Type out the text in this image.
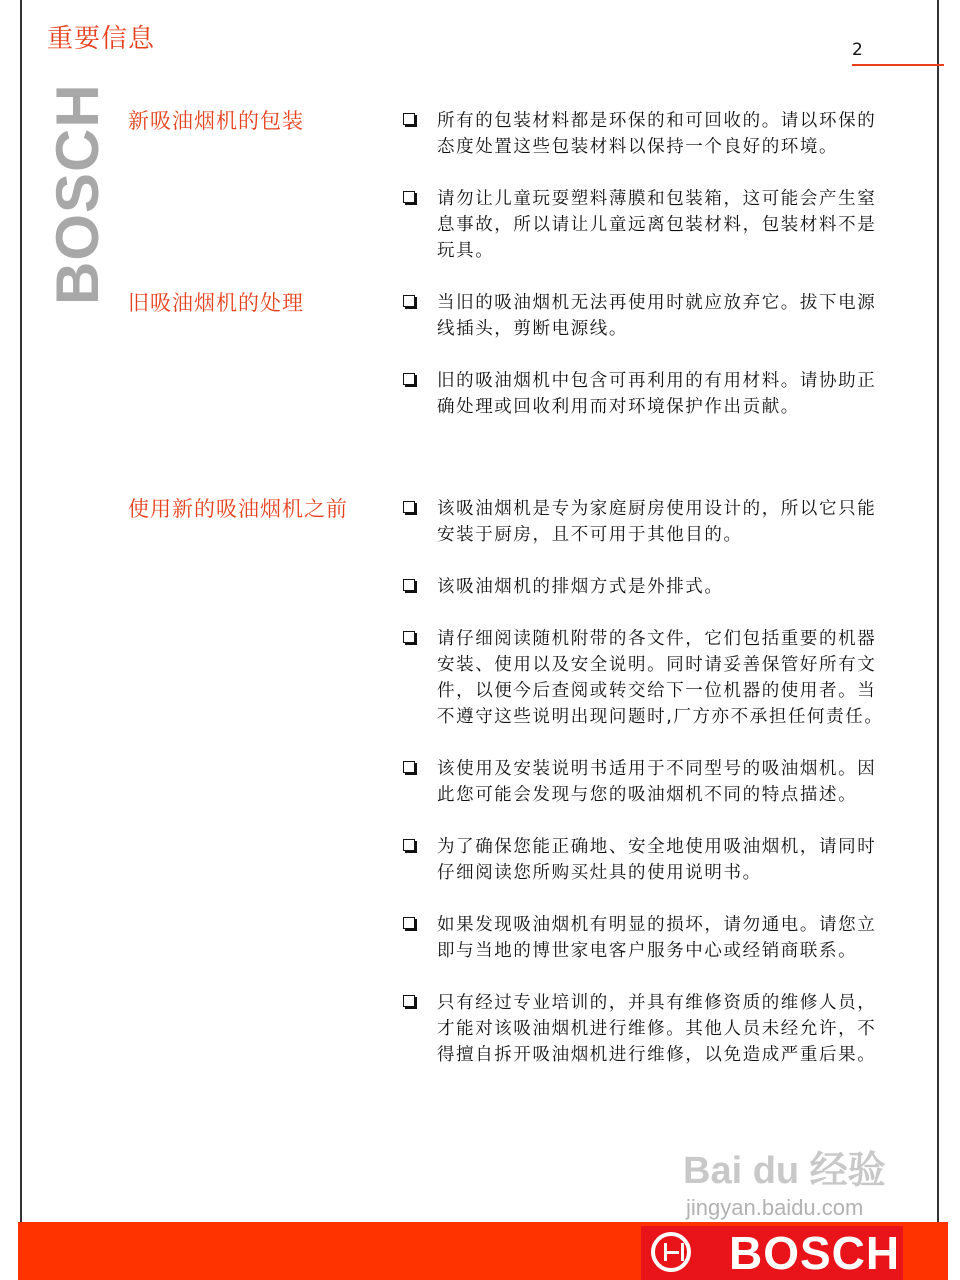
重要信息	2
BOSCH 新吸油烟机的包装	所有的包装材料都是环保的和可回收的。请以环保的
态度处置这些包装材料以保持一个良好的环境。
请勿让儿童玩耍塑料薄膜和包装箱，这可能会产生窒
息事故，所以请让儿童远离包装材料，包装材料不是
玩具。
旧吸油烟机的处理	当旧的吸油烟机无法再使用时就应放弃它。拔下电源
线插头，剪断电源线。
旧的吸油烟机中包含可再利用的有用材料。请协助正
确处理或回收利用而对环境保护作出贡献。
使用新的吸油烟机之前	该吸油烟机是专为家庭厨房使用设计的，所以它只能
安装于厨房，且不可用于其他目的。
该吸油烟机的排烟方式是外排式。
请仔细阅读随机附带的各文件，它们包括重要的机器
安装、使用以及安全说明。同时请妥善保管好所有文
件，以便今后查阅或转交给下一位机器的使用者。当
不遵守这些说明出现问题时,厂方亦不承担任何责任。
该使用及安装说明书适用于不同型号的吸油烟机。因
此您可能会发现与您的吸油烟机不同的特点描述。
为了确保您能正确地、安全地使用吸油烟机，请同时
仔细阅读您所购买灶具的使用说明书。
如果发现吸油烟机有明显的损坏，请勿通电。请您立
即与当地的博世家电客户服务中心或经销商联系。
只有经过专业培训的，并具有维修资质的维修人员，
才能对该吸油烟机进行维修。其他人员未经允许，不
得擅自拆开吸油烟机进行维修，以免造成严重后果。
BOSCH
Bai du 经验
jingyan.baidu.com
